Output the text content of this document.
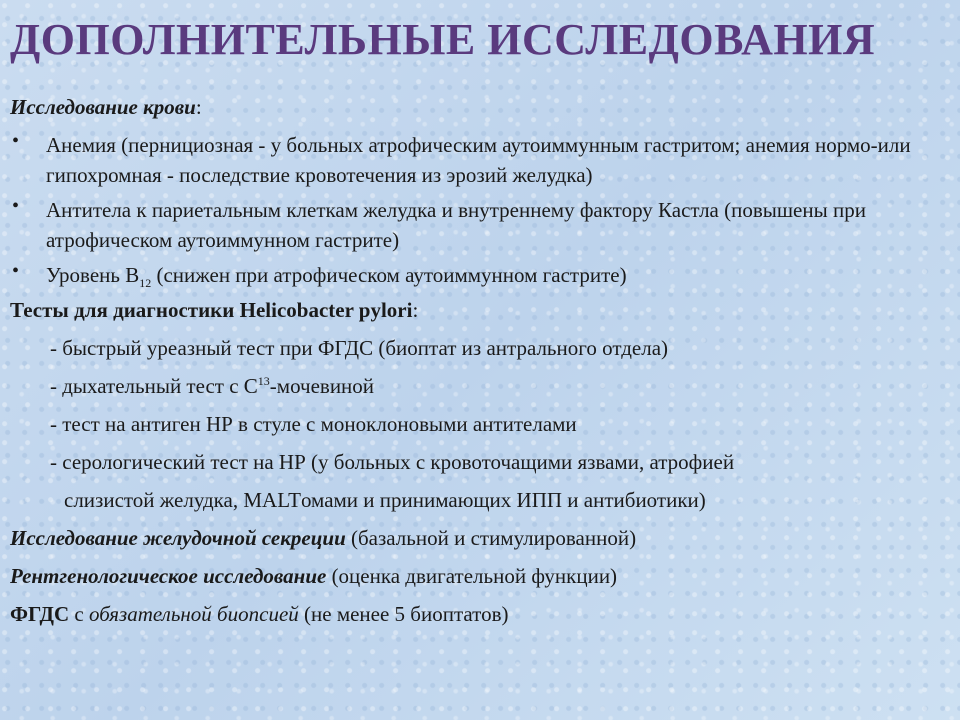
ДОПОЛНИТЕЛЬНЫЕ ИССЛЕДОВАНИЯ
Исследование крови:
• Анемия (пернициозная - у больных атрофическим аутоиммунным гастритом; анемия нормо-или гипохромная - последствие кровотечения из эрозий желудка)
• Антитела к париетальным клеткам желудка и внутреннему фактору Кастла (повышены при атрофическом аутоиммунном гастрите)
• Уровень $В_{12}$ (снижен при атрофическом аутоиммунном гастрите)
Тесты для диагностики Helicobacter pylori:
- быстрый уреазный тест при ФГДС (биоптат из антрального отдела)
- дыхательный тест с $С^{13}$-мочевиной
- тест на антиген НР в стуле с моноклоновыми антителами
- серологический тест на НР (у больных с кровоточащими язвами, атрофией
слизистой желудка, MALTомами и принимающих ИПП и антибиотики)
Исследование желудочной секреции (базальной и стимулированной)
Рентгенологическое исследование (оценка двигательной функции)
ФГДС с обязательной биопсией (не менее 5 биоптатов)
